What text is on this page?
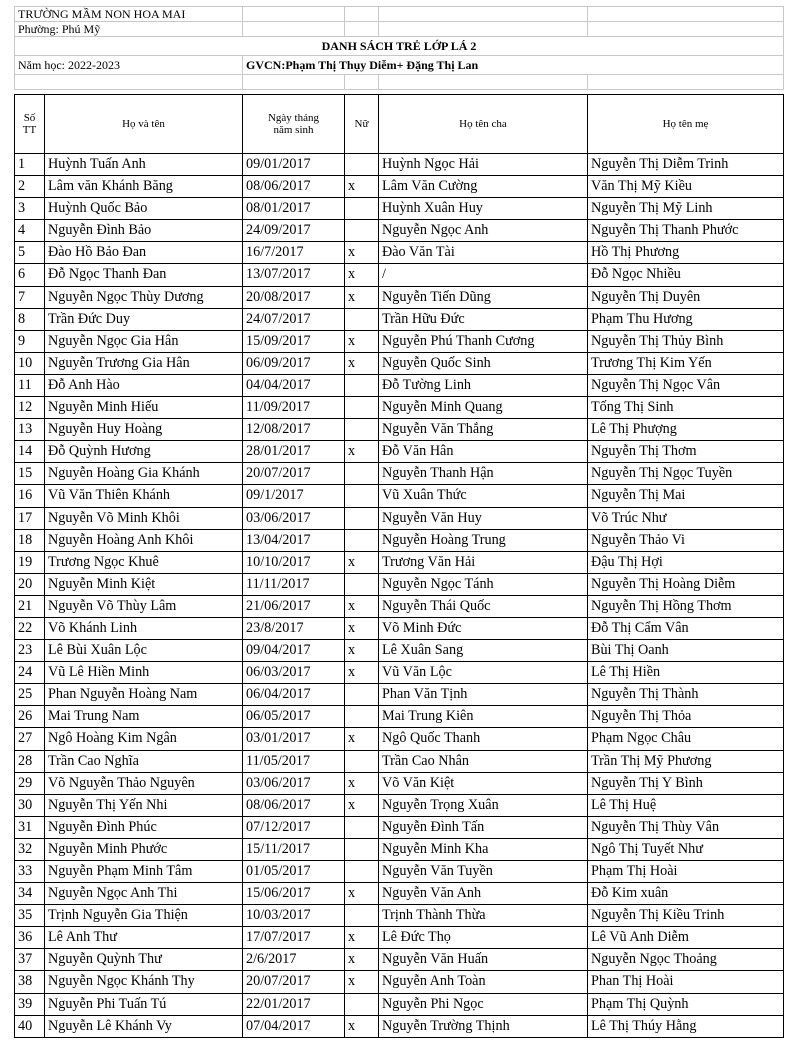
TRƯỜNG MẦM NON HOA MAI				
Phường: Phú Mỹ				
DANH SÁCH TRẺ LỚP LÁ 2				
Năm học: 2022-2023	GVCN:Phạm Thị Thụy Diễm+ Đặng Thị Lan			

Số TT	Họ và tên	Ngày tháng năm sinh	Nữ	Họ tên cha	Họ tên mẹ
1	Huỳnh Tuấn Anh	09/01/2017		Huỳnh Ngọc Hải	Nguyễn Thị Diễm Trinh
2	Lâm văn Khánh Băng	08/06/2017	x	Lâm Văn Cường	Văn Thị Mỹ Kiều
3	Huỳnh Quốc Bảo	08/01/2017		Huỳnh Xuân Huy	Nguyễn Thị Mỹ Linh
4	Nguyễn Đình Bảo	24/09/2017		Nguyễn Ngọc Anh	Nguyễn Thị Thanh Phước
5	Đào Hồ Bảo Đan	16/7/2017	x	Đào Văn Tài	Hồ Thị Phương
6	Đỗ Ngọc Thanh Đan	13/07/2017	x	/	Đỗ Ngọc Nhiều
7	Nguyễn Ngọc Thùy Dương	20/08/2017	x	Nguyễn Tiến Dũng	Nguyễn Thị Duyên
8	Trần Đức Duy	24/07/2017		Trần Hữu Đức	Phạm Thu Hương
9	Nguyễn Ngọc Gia Hân	15/09/2017	x	Nguyễn Phú Thanh Cương	Nguyễn Thị Thủy Bình
10	Nguyễn Trương Gia Hân	06/09/2017	x	Nguyễn Quốc Sinh	Trương Thị Kim Yến
11	Đỗ Anh Hào	04/04/2017		Đỗ Tường Linh	Nguyễn Thị Ngọc Vân
12	Nguyễn Minh Hiếu	11/09/2017		Nguyễn Minh Quang	Tống Thị Sinh
13	Nguyễn Huy Hoàng	12/08/2017		Nguyễn Văn Thắng	Lê Thị Phượng
14	Đỗ Quỳnh Hương	28/01/2017	x	Đỗ Văn Hân	Nguyễn Thị Thơm
15	Nguyễn Hoàng Gia Khánh	20/07/2017		Nguyễn Thanh Hận	Nguyễn Thị Ngọc Tuyền
16	Vũ Văn Thiên Khánh	09/1/2017		Vũ Xuân Thức	Nguyễn Thị Mai
17	Nguyễn Võ Minh Khôi	03/06/2017		Nguyễn Văn Huy	Võ Trúc Như
18	Nguyễn Hoàng Anh Khôi	13/04/2017		Nguyễn Hoàng Trung	Nguyễn Thảo Vi
19	Trương Ngọc Khuê	10/10/2017	x	Trương Văn Hải	Đậu Thị Hợi
20	Nguyễn Minh Kiệt	11/11/2017		Nguyễn Ngọc Tánh	Nguyễn Thị Hoàng Diễm
21	Nguyễn Võ Thùy Lâm	21/06/2017	x	Nguyễn Thái Quốc	Nguyễn Thị Hồng Thơm
22	Võ Khánh Linh	23/8/2017	x	Võ Minh Đức	Đỗ Thị Cẩm Vân
23	Lê Bùi Xuân Lộc	09/04/2017	x	Lê Xuân Sang	Bùi Thị Oanh
24	Vũ Lê Hiền Minh	06/03/2017	x	Vũ Văn Lộc	Lê Thị Hiền
25	Phan Nguyễn Hoàng Nam	06/04/2017		Phan Văn Tịnh	Nguyễn Thị Thành
26	Mai Trung Nam	06/05/2017		Mai Trung Kiên	Nguyễn Thị Thỏa
27	Ngô Hoàng Kim Ngân	03/01/2017	x	Ngô Quốc Thanh	Phạm Ngọc Châu
28	Trần Cao Nghĩa	11/05/2017		Trần Cao Nhân	Trần Thị Mỹ Phương
29	Võ Nguyễn Thảo Nguyên	03/06/2017	x	Võ Văn Kiệt	Nguyễn Thị Y Bình
30	Nguyễn Thị Yến Nhi	08/06/2017	x	Nguyễn Trọng Xuân	Lê Thị Huệ
31	Nguyễn Đình Phúc	07/12/2017		Nguyễn Đình Tấn	Nguyễn Thị Thùy Vân
32	Nguyễn Minh Phước	15/11/2017		Nguyễn Minh Kha	Ngô Thị Tuyết Như
33	Nguyễn Phạm Minh Tâm	01/05/2017		Nguyễn Văn Tuyền	Phạm Thị Hoài
34	Nguyễn Ngọc Anh Thi	15/06/2017	x	Nguyễn Văn Anh	Đỗ Kim xuân
35	Trịnh Nguyễn Gia Thiện	10/03/2017		Trịnh Thành Thừa	Nguyễn Thị Kiều Trinh
36	Lê Anh Thư	17/07/2017	x	Lê Đức Thọ	Lê Vũ Anh Diễm
37	Nguyễn Quỳnh Thư	2/6/2017	x	Nguyễn Văn Huấn	Nguyễn Ngọc Thoảng
38	Nguyễn Ngọc Khánh Thy	20/07/2017	x	Nguyễn Anh Toàn	Phan Thị Hoài
39	Nguyễn Phi Tuấn Tú	22/01/2017		Nguyễn Phi Ngọc	Phạm Thị Quỳnh
40	Nguyễn Lê Khánh Vy	07/04/2017	x	Nguyễn Trường Thịnh	Lê Thị Thúy Hằng
